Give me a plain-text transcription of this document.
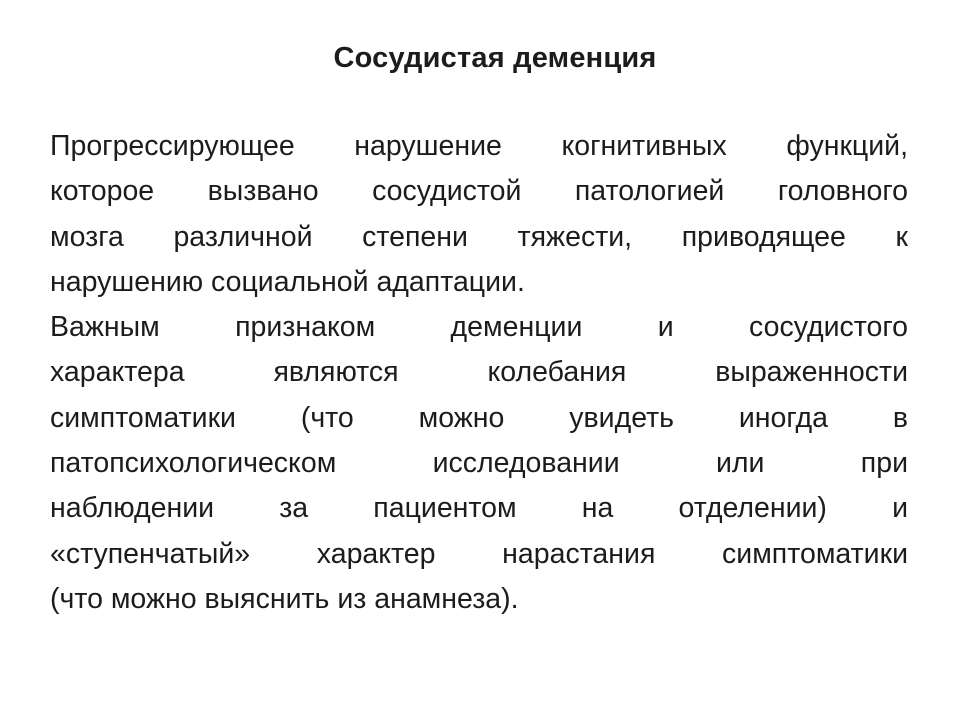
Сосудистая деменция

Прогрессирующее нарушение когнитивных функций,
которое вызвано сосудистой патологией головного
мозга различной степени тяжести, приводящее к
нарушению социальной адаптации.

Важным признаком деменции и сосудистого
характера являются колебания выраженности
симптоматики (что можно увидеть иногда в
патопсихологическом исследовании или при
наблюдении за пациентом на отделении) и
«ступенчатый» характер нарастания симптоматики
(что можно выяснить из анамнеза).
